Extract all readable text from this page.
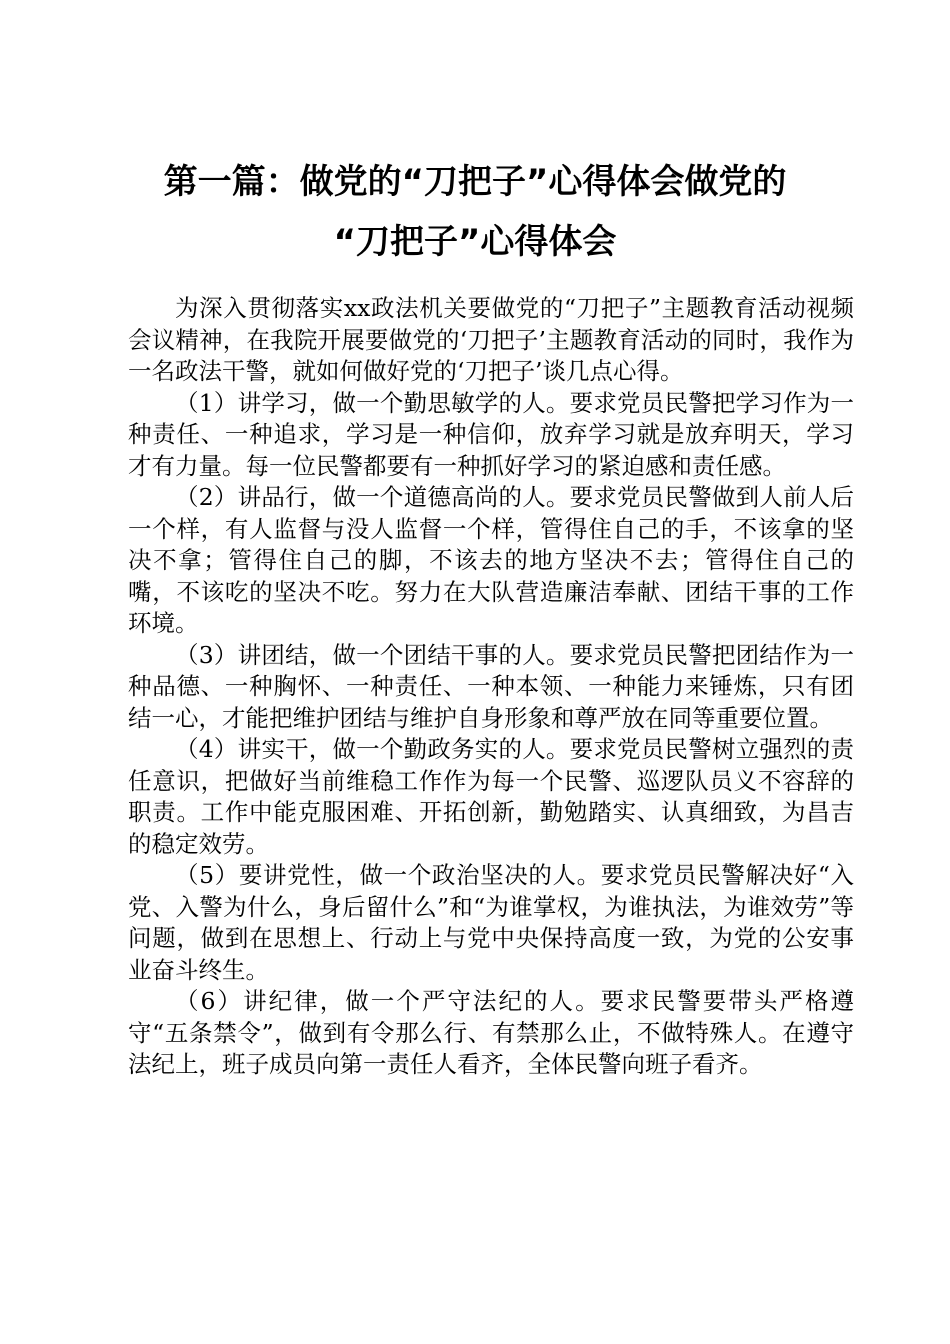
第一篇：做党的“刀把子”心得体会做党的
“刀把子”心得体会

为深入贯彻落实xx政法机关要做党的“刀把子”主题教育活动视频会议精神，在我院开展要做党的‘刀把子’主题教育活动的同时，我作为一名政法干警，就如何做好党的‘刀把子’谈几点心得。

（1）讲学习，做一个勤思敏学的人。要求党员民警把学习作为一种责任、一种追求，学习是一种信仰，放弃学习就是放弃明天，学习才有力量。每一位民警都要有一种抓好学习的紧迫感和责任感。

（2）讲品行，做一个道德高尚的人。要求党员民警做到人前人后一个样，有人监督与没人监督一个样，管得住自己的手，不该拿的坚决不拿；管得住自己的脚，不该去的地方坚决不去；管得住自己的嘴，不该吃的坚决不吃。努力在大队营造廉洁奉献、团结干事的工作环境。

（3）讲团结，做一个团结干事的人。要求党员民警把团结作为一种品德、一种胸怀、一种责任、一种本领、一种能力来锤炼，只有团结一心，才能把维护团结与维护自身形象和尊严放在同等重要位置。

（4）讲实干，做一个勤政务实的人。要求党员民警树立强烈的责任意识，把做好当前维稳工作作为每一个民警、巡逻队员义不容辞的职责。工作中能克服困难、开拓创新，勤勉踏实、认真细致，为昌吉的稳定效劳。

（5）要讲党性，做一个政治坚决的人。要求党员民警解决好“入党、入警为什么，身后留什么”和“为谁掌权，为谁执法，为谁效劳”等问题，做到在思想上、行动上与党中央保持高度一致，为党的公安事业奋斗终生。

（6）讲纪律，做一个严守法纪的人。要求民警要带头严格遵守“五条禁令”，做到有令那么行、有禁那么止，不做特殊人。在遵守法纪上，班子成员向第一责任人看齐，全体民警向班子看齐。
